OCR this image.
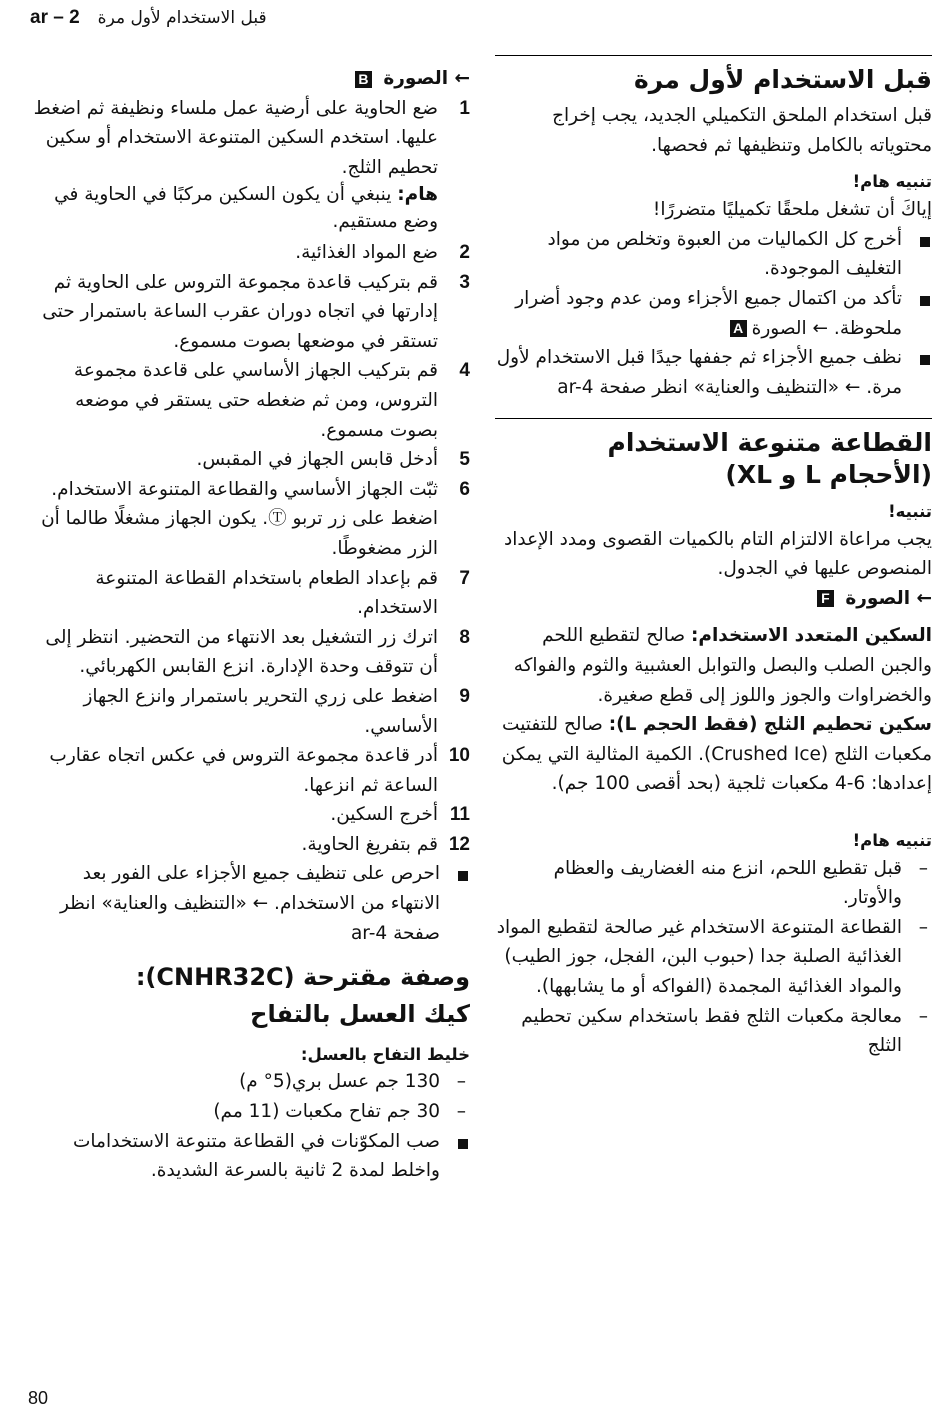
ar – 2 قبل الاستخدام لأول مرة
قبل الاستخدام لأول مرة

قبل استخدام الملحق التكميلي الجديد، يجب إخراج محتوياته بالكامل وتنظيفها ثم فحصها.

تنبيه هام!

إياكَ أن تشغل ملحقًا تكميليًا متضررًا!

أخرج كل الكماليات من العبوة وتخلص من مواد التغليف الموجودة.
تأكد من اكتمال جميع الأجزاء ومن عدم وجود أضرار ملحوظة. ← الصورةA
نظف جميع الأجزاء ثم جففها جيدًا قبل الاستخدام لأول مرة. ← «التنظيف والعناية» انظر صفحة ar-4
القطاعة متنوعة الاستخدام
(الأحجام L و XL)
تنبيه!

يجب مراعاة الالتزام التام بالكميات القصوى ومدد الإعداد المنصوص عليها في الجدول.

← الصورة F

السكين المتعدد الاستخدام: صالح لتقطيع اللحم والجبن الصلب والبصل والتوابل العشبية والثوم والفواكه والخضراوات والجوز واللوز إلى قطع صغيرة.

سكين تحطيم الثلج (فقط الحجم L): صالح للتفتيت مكعبات الثلج (Crushed Ice). الكمية المثالية التي يمكن إعدادها: 6-4 مكعبات ثلجية (بحد أقصى 100 جم).

تنبيه هام!
–
قبل تقطيع اللحم، انزع منه الغضاريف والعظام والأوتار.
–
القطاعة المتنوعة الاستخدام غير صالحة لتقطيع المواد الغذائية الصلبة جدا (حبوب البن، الفجل، جوز الطيب) والمواد الغذائية المجمدة (الفواكه أو ما يشابهها).
–
معالجة مكعبات الثلج فقط باستخدام سكين تحطيم الثلج
← الصورة B
1
ضع الحاوية على أرضية عمل ملساء ونظيفة ثم اضغط عليها. استخدم السكين المتنوعة الاستخدام أو سكين تحطيم الثلج.
هام: ينبغي أن يكون السكين مركبًا في الحاوية في وضع مستقيم.
2
ضع المواد الغذائية.
3
قم بتركيب قاعدة مجموعة التروس على الحاوية ثم إدارتها في اتجاه دوران عقرب الساعة باستمرار حتى تستقر في موضعها بصوت مسموع.
4
قم بتركيب الجهاز الأساسي على قاعدة مجموعة التروس، ومن ثم ضغطه حتى يستقر في موضعه بصوت مسموع.
5
أدخل قابس الجهاز في المقبس.
6
ثبّت الجهاز الأساسي والقطاعة المتنوعة الاستخدام. اضغط على زر تربو Ⓣ. يكون الجهاز مشغلًا طالما أن الزر مضغوطًا.
7
قم بإعداد الطعام باستخدام القطاعة المتنوعة الاستخدام.
8
اترك زر التشغيل بعد الانتهاء من التحضير. انتظر إلى أن تتوقف وحدة الإدارة. انزع القابس الكهربائي.
9
اضغط على زري التحرير باستمرار وانزع الجهاز الأساسي.
10
أدر قاعدة مجموعة التروس في عكس اتجاه عقارب الساعة ثم انزعها.
11
أخرج السكين.
12
قم بتفريغ الحاوية.
احرص على تنظيف جميع الأجزاء على الفور بعد الانتهاء من الاستخدام. ← «التنظيف والعناية» انظر صفحة ar-4
وصفة مقترحة (CNHR32C):
كيك العسل بالتفاح
خليط التفاح بالعسل:
–
130 جم عسل بري(5° م)
–
30 جم تفاح مكعبات (11 مم)
صب المكوّنات في القطاعة متنوعة الاستخدامات واخلط لمدة 2 ثانية بالسرعة الشديدة.
80
